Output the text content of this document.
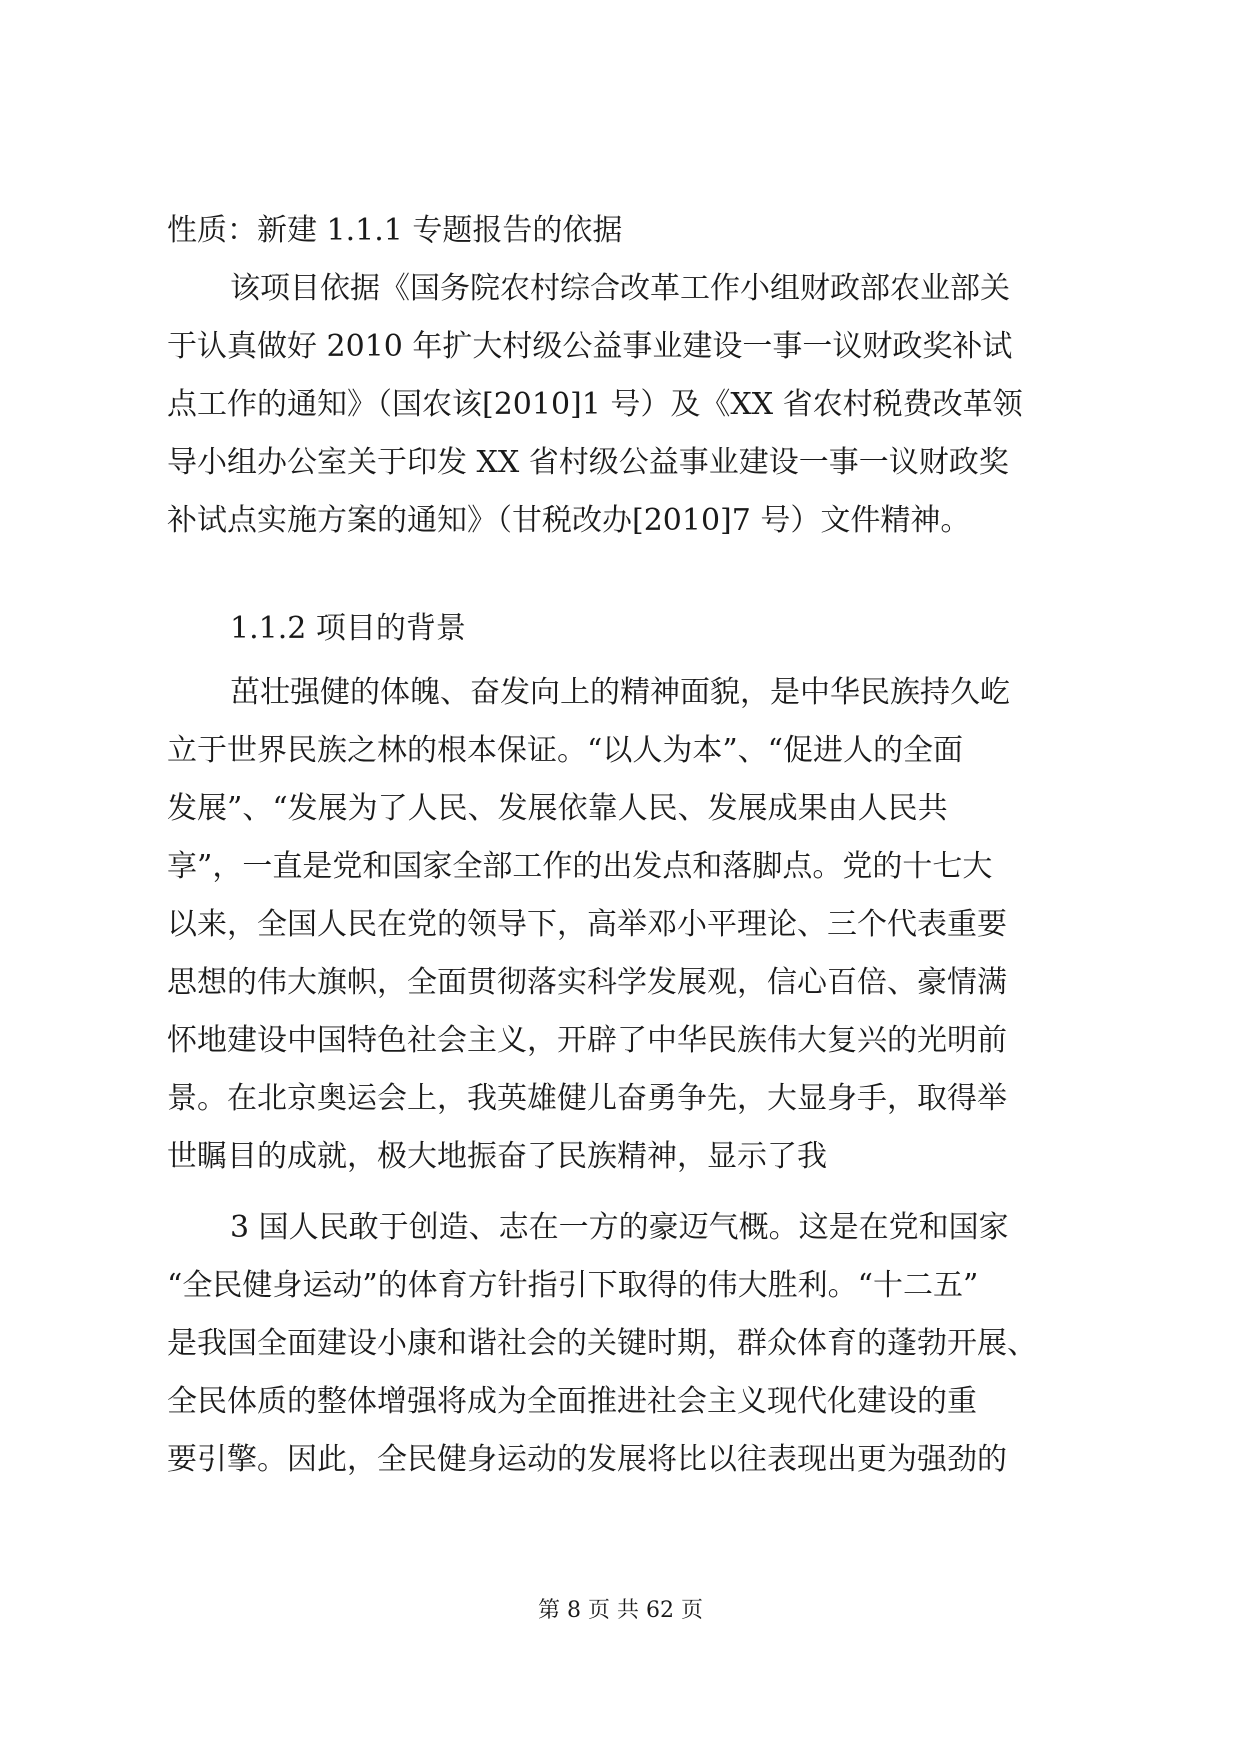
性质：新建 1.1.1 专题报告的依据

该项目依据《国务院农村综合改革工作小组财政部农业部关

于认真做好 2010 年扩大村级公益事业建设一事一议财政奖补试

点工作的通知》（国农该[2010]1 号）及《XX 省农村税费改革领

导小组办公室关于印发 XX 省村级公益事业建设一事一议财政奖

补试点实施方案的通知》（甘税改办[2010]7 号）文件精神。

1.1.2 项目的背景

茁壮强健的体魄、奋发向上的精神面貌，是中华民族持久屹

立于世界民族之林的根本保证。“以人为本”、“促进人的全面

发展”、“发展为了人民、发展依靠人民、发展成果由人民共

享”，一直是党和国家全部工作的出发点和落脚点。党的十七大

以来，全国人民在党的领导下，高举邓小平理论、三个代表重要

思想的伟大旗帜，全面贯彻落实科学发展观，信心百倍、豪情满

怀地建设中国特色社会主义，开辟了中华民族伟大复兴的光明前

景。在北京奥运会上，我英雄健儿奋勇争先，大显身手，取得举

世瞩目的成就，极大地振奋了民族精神，显示了我

3 国人民敢于创造、志在一方的豪迈气概。这是在党和国家

“全民健身运动”的体育方针指引下取得的伟大胜利。“十二五”

是我国全面建设小康和谐社会的关键时期，群众体育的蓬勃开展、

全民体质的整体增强将成为全面推进社会主义现代化建设的重

要引擎。因此，全民健身运动的发展将比以往表现出更为强劲的

第 8 页 共 62 页
